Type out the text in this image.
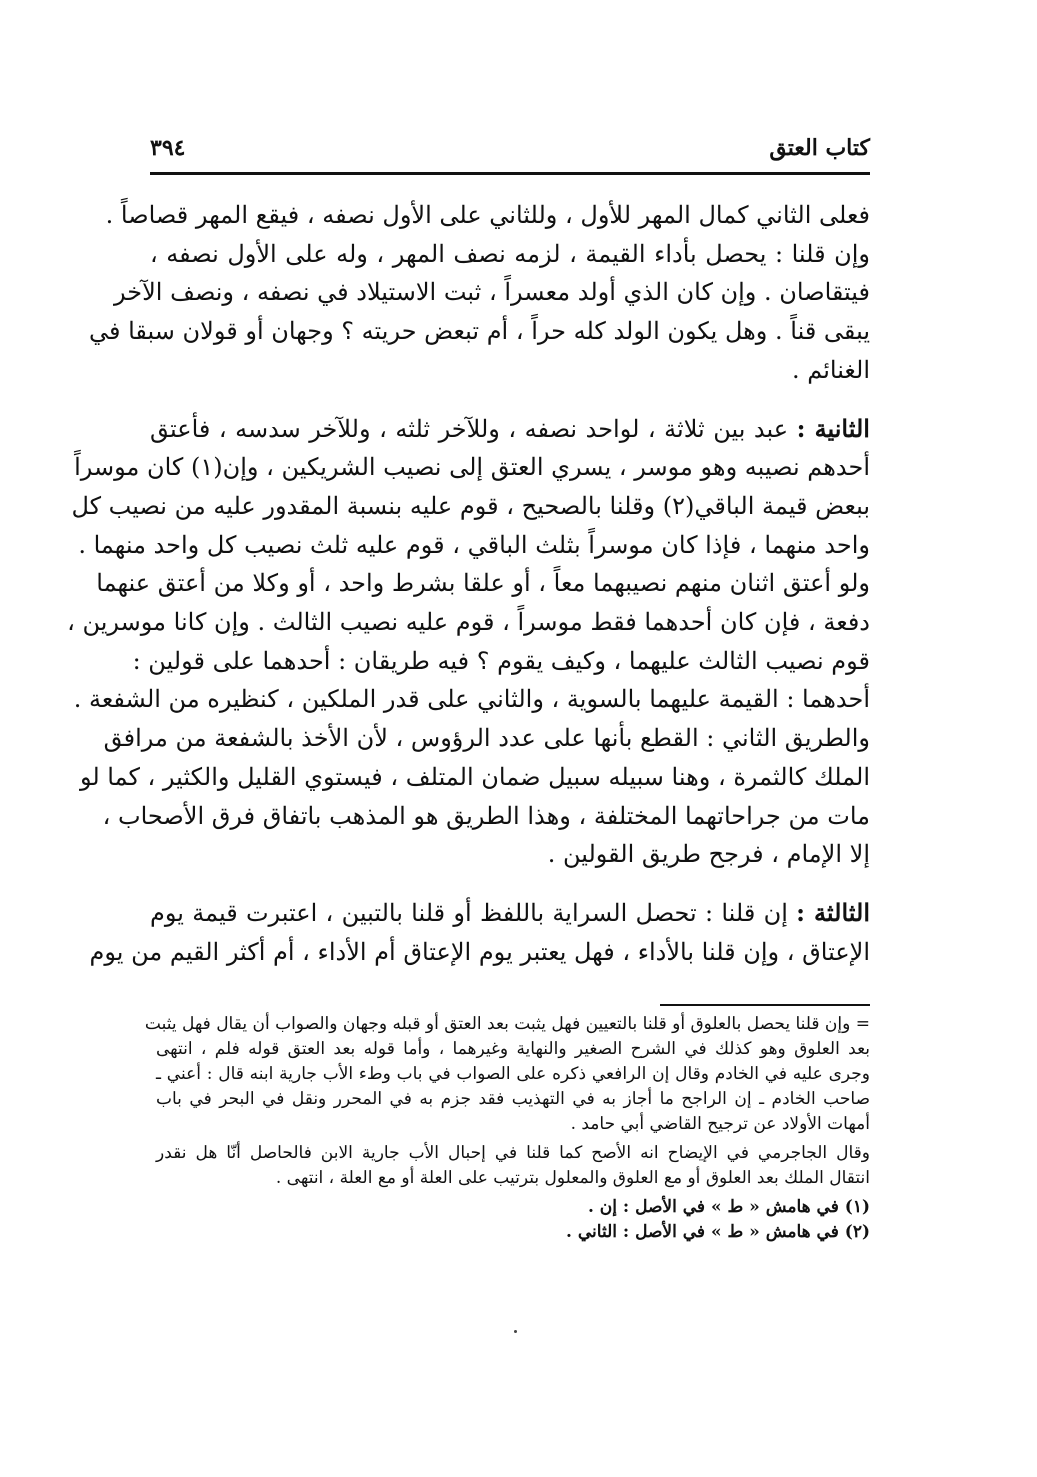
كتاب العتق
٣٩٤
فعلى الثاني كمال المهر للأول ، وللثاني على الأول نصفه ، فيقع المهر قصاصاً .
وإن قلنا : يحصل بأداء القيمة ، لزمه نصف المهر ، وله على الأول نصفه ،
فيتقاصان . وإن كان الذي أولد معسراً ، ثبت الاستيلاد في نصفه ، ونصف الآخر
يبقى قناً . وهل يكون الولد كله حراً ، أم تبعض حريته ؟ وجهان أو قولان سبقا في
الغنائم .
الثانية : عبد بين ثلاثة ، لواحد نصفه ، وللآخر ثلثه ، وللآخر سدسه ، فأعتق
أحدهم نصيبه وهو موسر ، يسري العتق إلى نصيب الشريكين ، وإن(١) كان موسراً
ببعض قيمة الباقي(٢) وقلنا بالصحيح ، قوم عليه بنسبة المقدور عليه من نصيب كل
واحد منهما ، فإذا كان موسراً بثلث الباقي ، قوم عليه ثلث نصيب كل واحد منهما .
ولو أعتق اثنان منهم نصيبهما معاً ، أو علقا بشرط واحد ، أو وكلا من أعتق عنهما
دفعة ، فإن كان أحدهما فقط موسراً ، قوم عليه نصيب الثالث . وإن كانا موسرين ،
قوم نصيب الثالث عليهما ، وكيف يقوم ؟ فيه طريقان : أحدهما على قولين :
أحدهما : القيمة عليهما بالسوية ، والثاني على قدر الملكين ، كنظيره من الشفعة .
والطريق الثاني : القطع بأنها على عدد الرؤوس ، لأن الأخذ بالشفعة من مرافق
الملك كالثمرة ، وهنا سبيله سبيل ضمان المتلف ، فيستوي القليل والكثير ، كما لو
مات من جراحاتهما المختلفة ، وهذا الطريق هو المذهب باتفاق فرق الأصحاب ،
إلا الإمام ، فرجح طريق القولين .
الثالثة : إن قلنا : تحصل السراية باللفظ أو قلنا بالتبين ، اعتبرت قيمة يوم
الإعتاق ، وإن قلنا بالأداء ، فهل يعتبر يوم الإعتاق أم الأداء ، أم أكثر القيم من يوم
= وإن قلنا يحصل بالعلوق أو قلنا بالتعيين فهل يثبت بعد العتق أو قبله وجهان والصواب أن يقال فهل يثبت
بعد العلوق وهو كذلك في الشرح الصغير والنهاية وغيرهما ، وأما قوله بعد العتق قوله فلم ، انتهى
وجرى عليه في الخادم وقال إن الرافعي ذكره على الصواب في باب وطء الأب جارية ابنه قال : أعني ـ
صاحب الخادم ـ إن الراجح ما أجاز به في التهذيب فقد جزم به في المحرر ونقل في البحر في باب
أمهات الأولاد عن ترجيح القاضي أبي حامد .
وقال الجاجرمي في الإيضاح انه الأصح كما قلنا في إحبال الأب جارية الابن فالحاصل أنّا هل نقدر
انتقال الملك بعد العلوق أو مع العلوق والمعلول بترتيب على العلة أو مع العلة ، انتهى .
(١) في هامش « ط » في الأصل : إن .
(٢) في هامش « ط » في الأصل : الثاني .
